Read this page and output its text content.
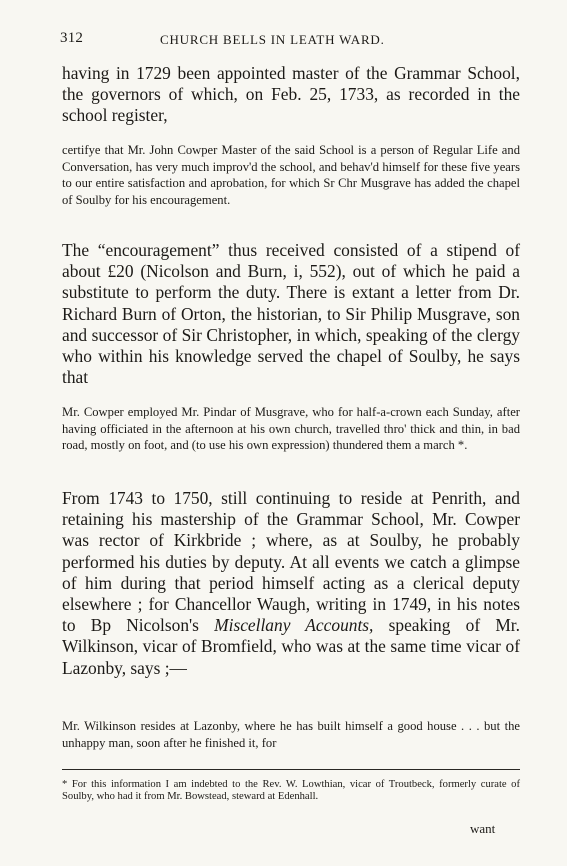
312	CHURCH BELLS IN LEATH WARD.
having in 1729 been appointed master of the Grammar School, the governors of which, on Feb. 25, 1733, as recorded in the school register,
certifye that Mr. John Cowper Master of the said School is a person of Regular Life and Conversation, has very much improv'd the school, and behav'd himself for these five years to our entire satisfaction and aprobation, for which Sr Chr Musgrave has added the chapel of Soulby for his encouragement.
The “encouragement” thus received consisted of a stipend of about £20 (Nicolson and Burn, i, 552), out of which he paid a substitute to perform the duty. There is extant a letter from Dr. Richard Burn of Orton, the historian, to Sir Philip Musgrave, son and successor of Sir Christopher, in which, speaking of the clergy who within his knowledge served the chapel of Soulby, he says that
Mr. Cowper employed Mr. Pindar of Musgrave, who for half-a-crown each Sunday, after having officiated in the afternoon at his own church, travelled thro' thick and thin, in bad road, mostly on foot, and (to use his own expression) thundered them a march *.
From 1743 to 1750, still continuing to reside at Penrith, and retaining his mastership of the Grammar School, Mr. Cowper was rector of Kirkbride ; where, as at Soulby, he probably performed his duties by deputy. At all events we catch a glimpse of him during that period himself acting as a clerical deputy elsewhere ; for Chancellor Waugh, writing in 1749, in his notes to Bp Nicolson's Miscellany Accounts, speaking of Mr. Wilkinson, vicar of Bromfield, who was at the same time vicar of Lazonby, says ;—
Mr. Wilkinson resides at Lazonby, where he has built himself a good house . . . but the unhappy man, soon after he finished it, for
* For this information I am indebted to the Rev. W. Lowthian, vicar of Troutbeck, formerly curate of Soulby, who had it from Mr. Bowstead, steward at Edenhall.
want
